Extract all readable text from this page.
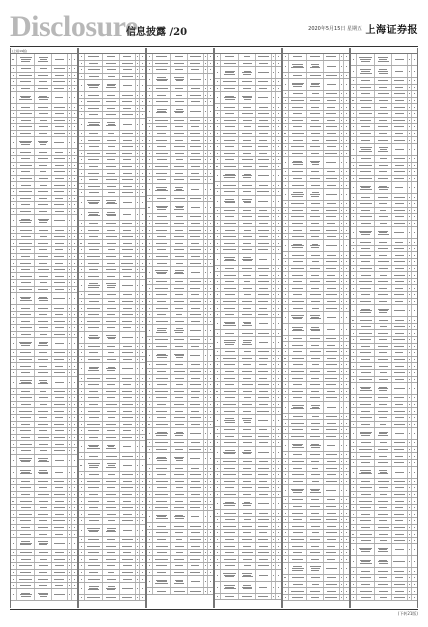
Disclosure
信息披露 /20	2020年5月15日 星期五 上海证券报
(上接19版)
(下转21版)
